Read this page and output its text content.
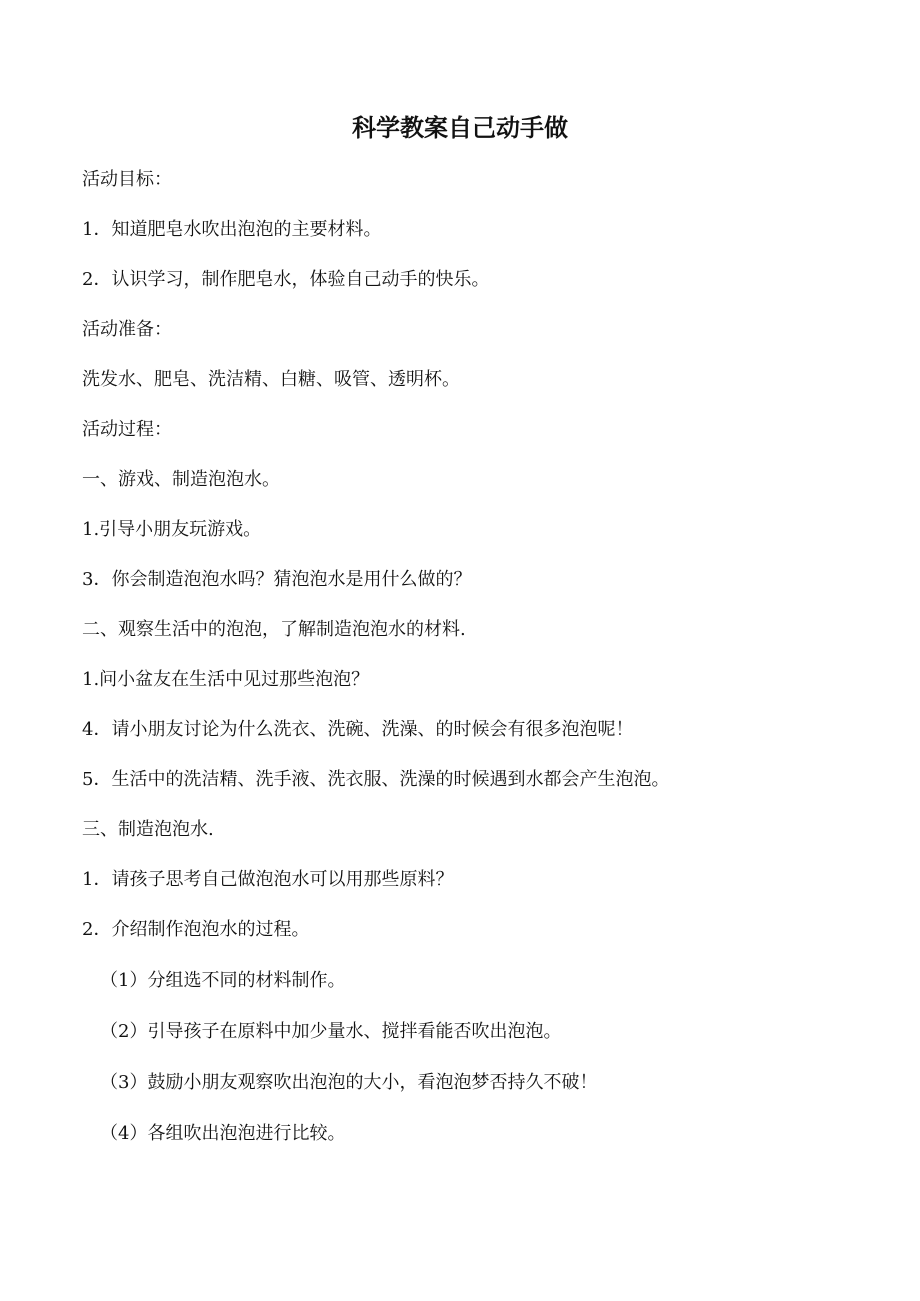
科学教案自己动手做
活动目标：
1．知道肥皂水吹出泡泡的主要材料。
2．认识学习，制作肥皂水，体验自己动手的快乐。
活动准备：
洗发水、肥皂、洗洁精、白糖、吸管、透明杯。
活动过程：
一、游戏、制造泡泡水。
1.引导小朋友玩游戏。
3．你会制造泡泡水吗？猜泡泡水是用什么做的？
二、观察生活中的泡泡，了解制造泡泡水的材料.
1.问小盆友在生活中见过那些泡泡？
4．请小朋友讨论为什么洗衣、洗碗、洗澡、的时候会有很多泡泡呢！
5．生活中的洗洁精、洗手液、洗衣服、洗澡的时候遇到水都会产生泡泡。
三、制造泡泡水.
1．请孩子思考自己做泡泡水可以用那些原料？
2．介绍制作泡泡水的过程。
（1）分组选不同的材料制作。
（2）引导孩子在原料中加少量水、搅拌看能否吹出泡泡。
（3）鼓励小朋友观察吹出泡泡的大小，看泡泡梦否持久不破！
（4）各组吹出泡泡进行比较。
